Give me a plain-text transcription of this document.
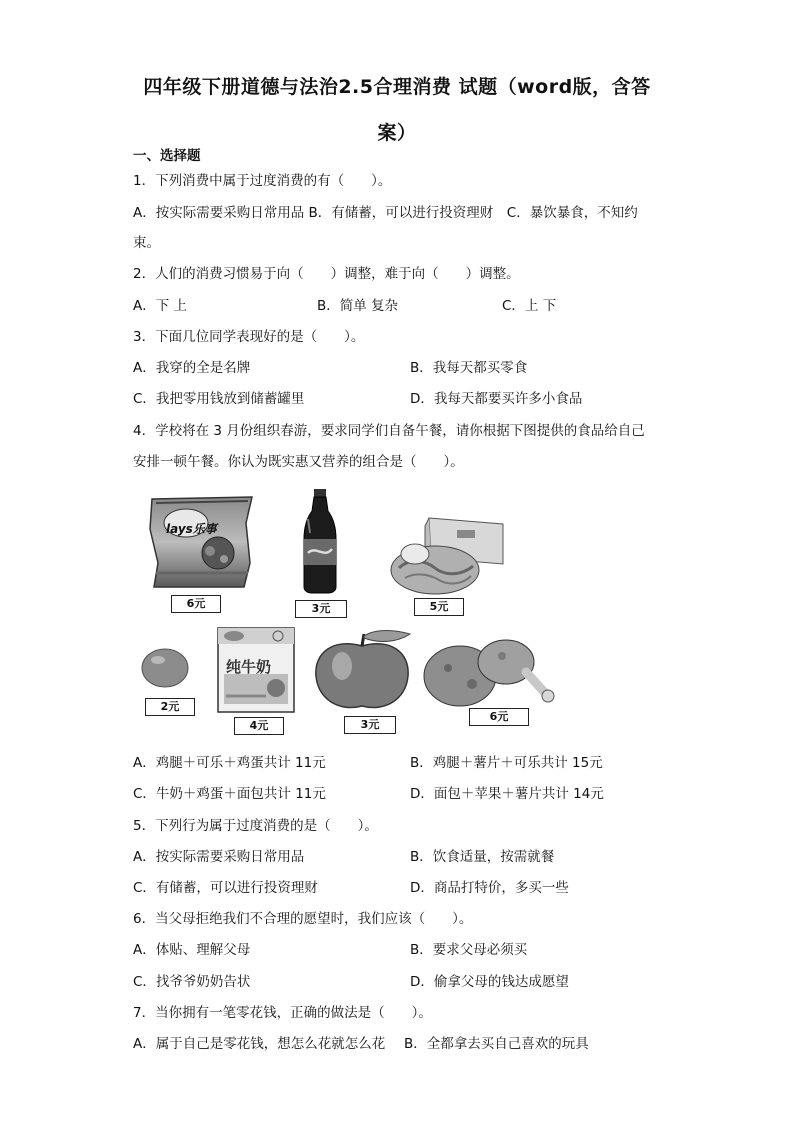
四年级下册道德与法治2.5合理消费 试题（word版，含答
案）
一、选择题
1．下列消费中属于过度消费的有（　　）。
A．按实际需要采购日常用品 B．有储蓄，可以进行投资理财　C．暴饮暴食，不知约
束。
2．人们的消费习惯易于向（　　）调整，难于向（　　）调整。
A．下 上	B．简单 复杂	C．上 下
3．下面几位同学表现好的是（　　）。
A．我穿的全是名牌	B．我每天都买零食
C．我把零用钱放到储蓄罐里	D．我每天都要买许多小食品
4．学校将在 3 月份组织春游，要求同学们自备午餐，请你根据下图提供的食品给自己
安排一顿午餐。你认为既实惠又营养的组合是（　　）。
lays乐事
6元	3元	5元
2元
纯牛奶
4元	3元
6元
A．鸡腿＋可乐＋鸡蛋共计 11元	B．鸡腿＋薯片＋可乐共计 15元
C．牛奶＋鸡蛋＋面包共计 11元	D．面包＋苹果＋薯片共计 14元
5．下列行为属于过度消费的是（　　）。
A．按实际需要采购日常用品	B．饮食适量，按需就餐
C．有储蓄，可以进行投资理财	D．商品打特价，多买一些
6．当父母拒绝我们不合理的愿望时，我们应该（　　）。
A．体贴、理解父母	B．要求父母必须买
C．找爷爷奶奶告状	D．偷拿父母的钱达成愿望
7．当你拥有一笔零花钱，正确的做法是（　　）。
A．属于自己是零花钱，想怎么花就怎么花 B．全都拿去买自己喜欢的玩具
